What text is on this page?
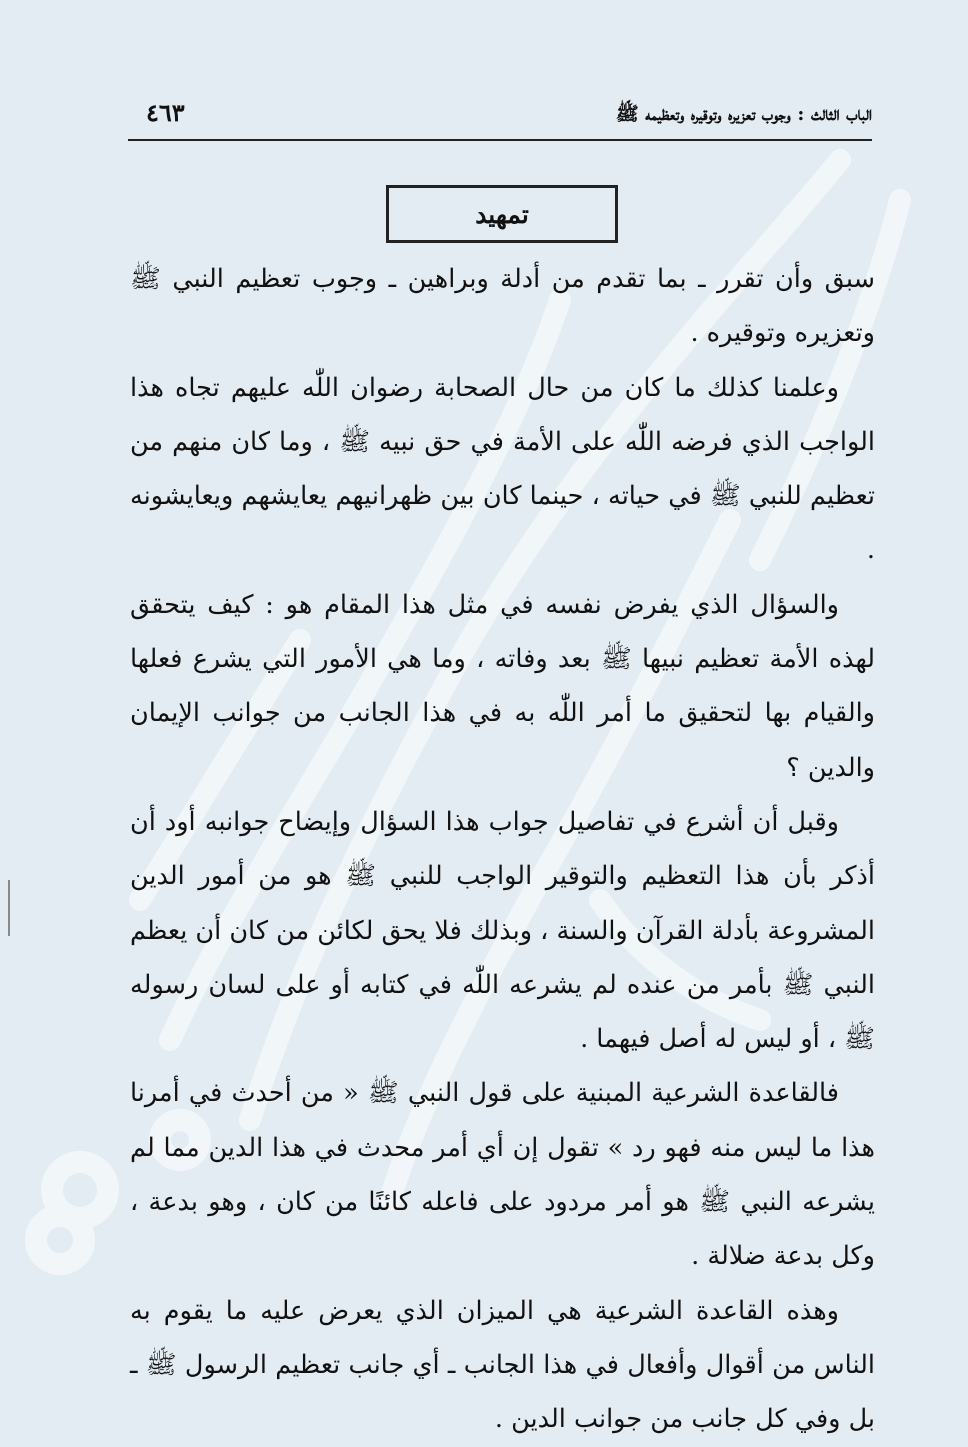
الباب الثالث : وجوب تعزيره وتوقيره وتعظيمه ﷺ
٤٦٣
تمهيد

سبق وأن تقرر ـ بما تقدم من أدلة وبراهين ـ وجوب تعظيم النبي ﷺ وتعزيره وتوقيره .

وعلمنا كذلك ما كان من حال الصحابة رضوان اللّٰه عليهم تجاه هذا الواجب الذي فرضه اللّٰه على الأمة في حق نبيه ﷺ ، وما كان منهم من تعظيم للنبي ﷺ في حياته ، حينما كان بين ظهرانيهم يعايشهم ويعايشونه .

والسؤال الذي يفرض نفسه في مثل هذا المقام هو : كيف يتحقق لهذه الأمة تعظيم نبيها ﷺ بعد وفاته ، وما هي الأمور التي يشرع فعلها والقيام بها لتحقيق ما أمر اللّٰه به في هذا الجانب من جوانب الإيمان والدين ؟

وقبل أن أشرع في تفاصيل جواب هذا السؤال وإيضاح جوانبه أود أن أذكر بأن هذا التعظيم والتوقير الواجب للنبي ﷺ هو من أمور الدين المشروعة بأدلة القرآن والسنة ، وبذلك فلا يحق لكائن من كان أن يعظم النبي ﷺ بأمر من عنده لم يشرعه اللّٰه في كتابه أو على لسان رسوله ﷺ ، أو ليس له أصل فيهما .

فالقاعدة الشرعية المبنية على قول النبي ﷺ « من أحدث في أمرنا هذا ما ليس منه فهو رد » تقول إن أي أمر محدث في هذا الدين مما لم يشرعه النبي ﷺ هو أمر مردود على فاعله كائنًا من كان ، وهو بدعة ، وكل بدعة ضلالة .

وهذه القاعدة الشرعية هي الميزان الذي يعرض عليه ما يقوم به الناس من أقوال وأفعال في هذا الجانب ـ أي جانب تعظيم الرسول ﷺ ـ بل وفي كل جانب من جوانب الدين .
